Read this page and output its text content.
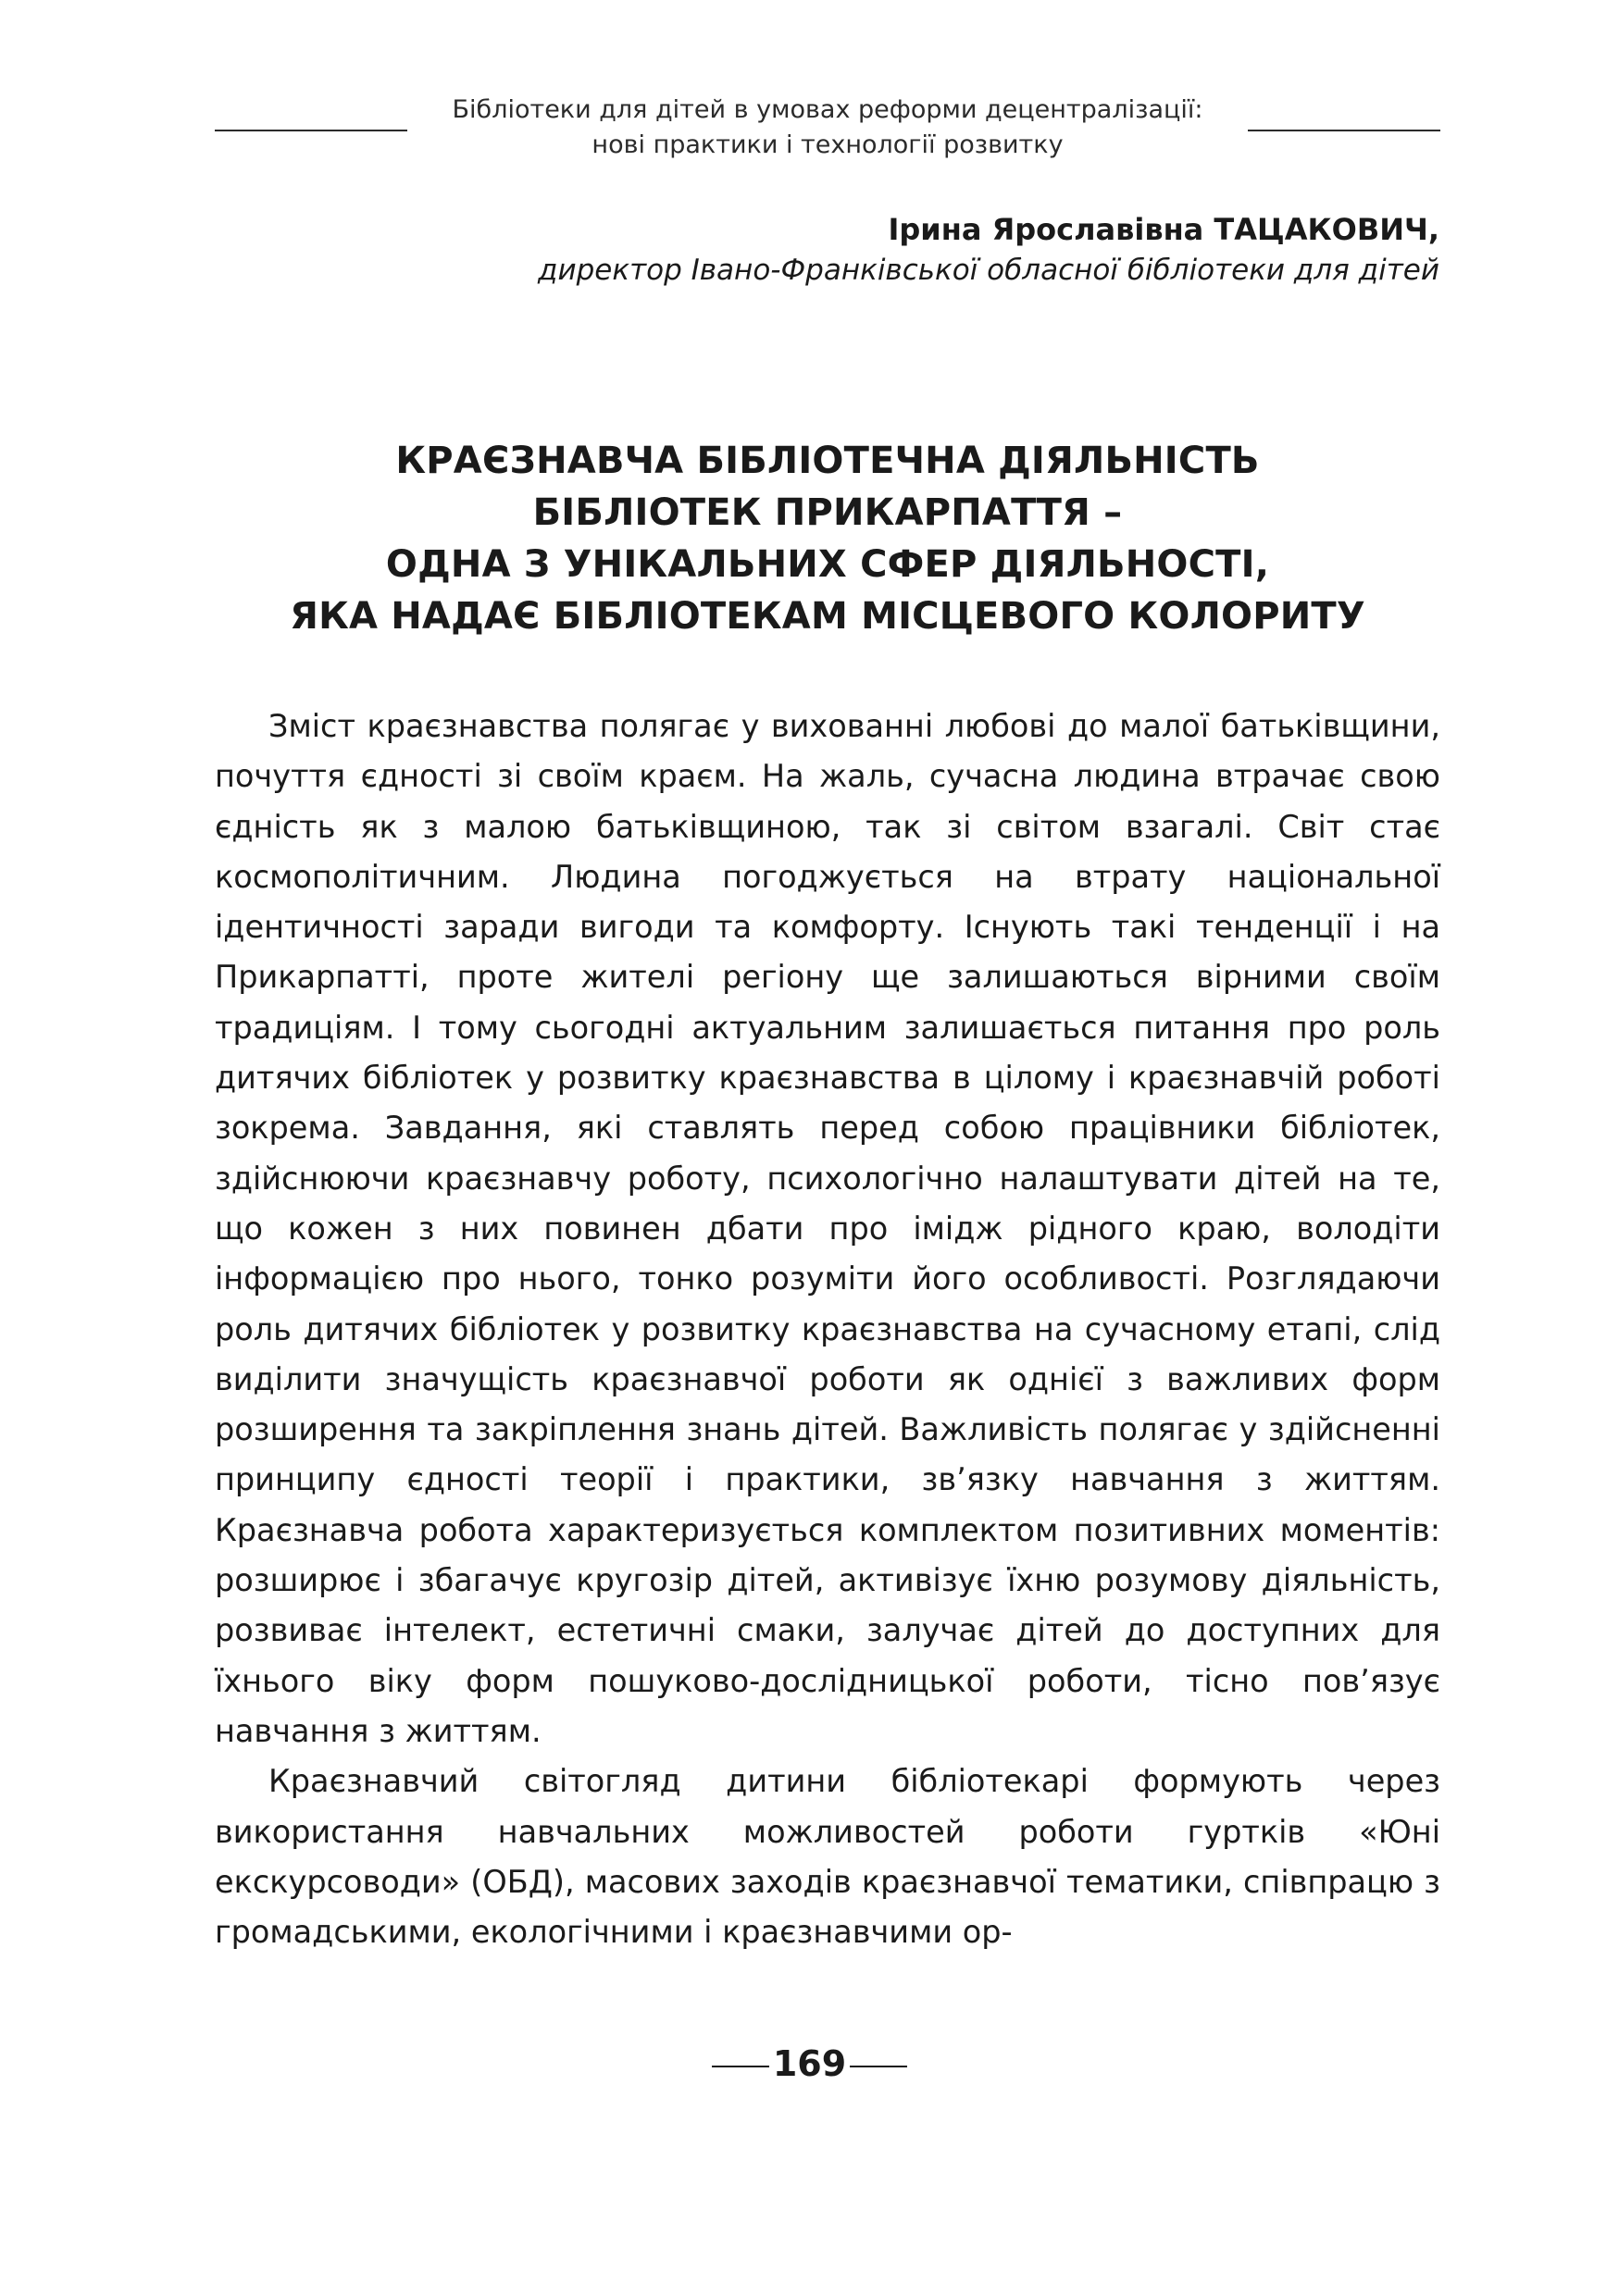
Бібліотеки для дітей в умовах реформи децентралізації:
нові практики і технології розвитку
Ірина Ярославівна ТАЦАКОВИЧ,
директор Івано-Франківської обласної бібліотеки для дітей
КРАЄЗНАВЧА БІБЛІОТЕЧНА ДІЯЛЬНІСТЬ
БІБЛІОТЕК ПРИКАРПАТТЯ –
ОДНА З УНІКАЛЬНИХ СФЕР ДІЯЛЬНОСТІ,
ЯКА НАДАЄ БІБЛІОТЕКАМ МІСЦЕВОГО КОЛОРИТУ

Зміст краєзнавства полягає у вихованні любові до малої батьківщини, почуття єдності зі своїм краєм. На жаль, сучасна людина втрачає свою єдність як з малою батьківщиною, так зі світом взагалі. Світ стає космополітичним. Людина погоджується на втрату національної ідентичності заради вигоди та комфорту. Існують такі тенденції і на Прикарпатті, проте жителі регіону ще залишаються вірними своїм традиціям. І тому сьогодні актуальним залишається питання про роль дитячих бібліотек у розвитку краєзнавства в цілому і краєзнавчій роботі зокрема. Завдання, які ставлять перед собою працівники бібліотек, здійснюючи краєзнавчу роботу, психологічно налаштувати дітей на те, що кожен з них повинен дбати про імідж рідного краю, володіти інформацією про нього, тонко розуміти його особливості. Розглядаючи роль дитячих бібліотек у розвитку краєзнавства на сучасному етапі, слід виділити значущість краєзнавчої роботи як однієї з важливих форм розширення та закріплення знань дітей. Важливість полягає у здійсненні принципу єдності теорії і практики, зв’язку навчання з життям. Краєзнавча робота характеризується комплектом позитивних моментів: розширює і збагачує кругозір дітей, активізує їхню розумову діяльність, розвиває інтелект, естетичні смаки, залучає дітей до доступних для їхнього віку форм пошуково-дослідницької роботи, тісно пов’язує навчання з життям.

Краєзнавчий світогляд дитини бібліотекарі формують через використання навчальних можливостей роботи гуртків «Юні екскурсоводи» (ОБД), масових заходів краєзнавчої тематики, співпрацю з громадськими, екологічними і краєзнавчими ор-

169
